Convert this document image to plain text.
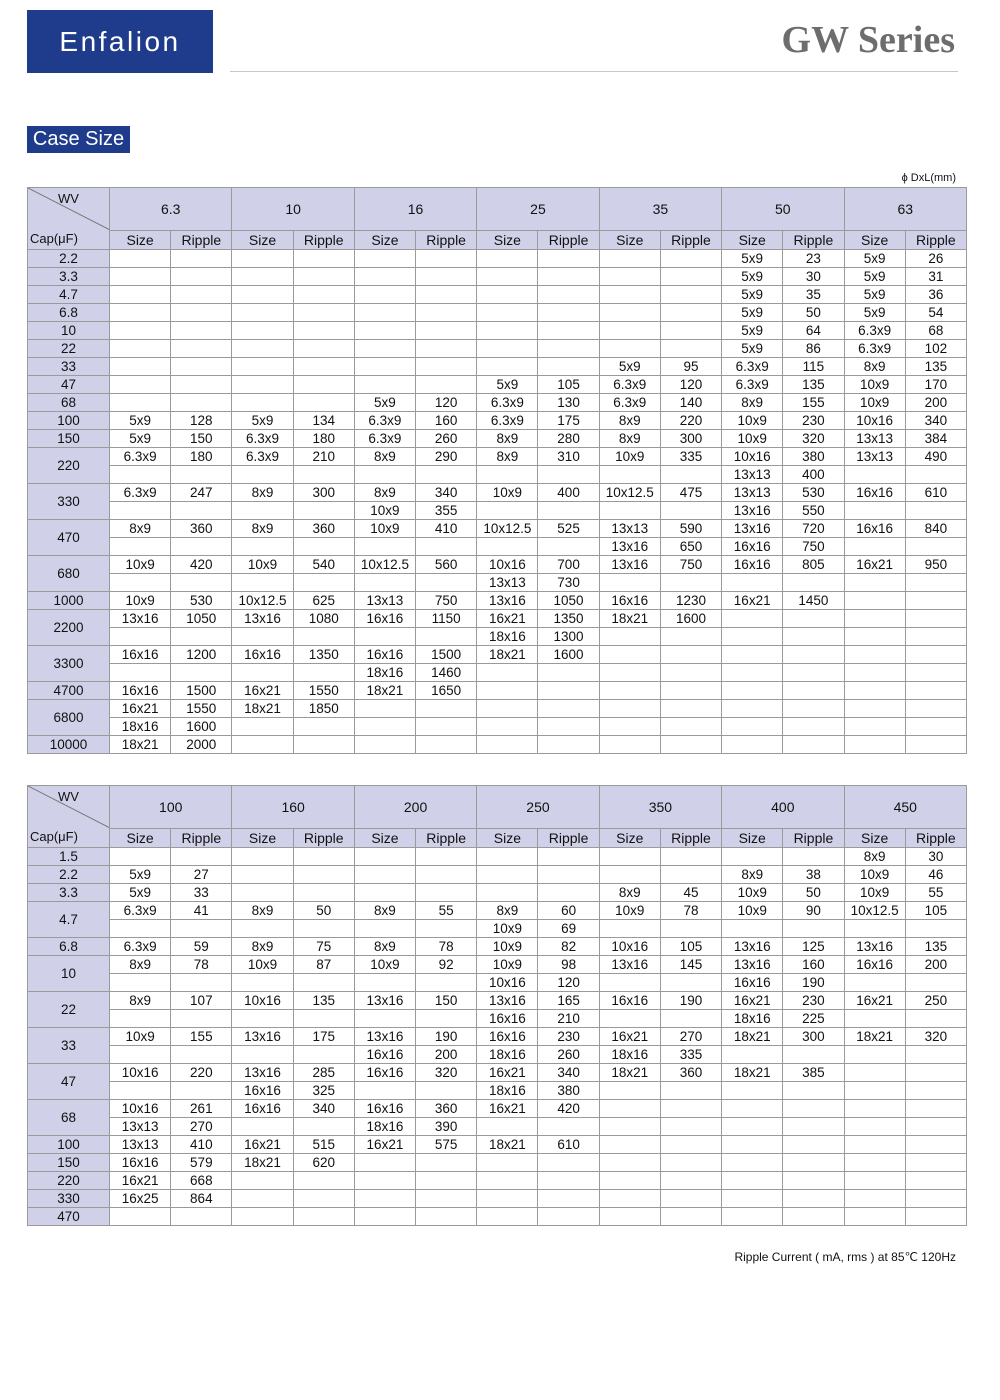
Enfalion	GW Series
Case Size
ϕ DxL(mm)
WV
Cap(μF)	6.3		10		16		25		35		50		63	
	Size	Ripple	Size	Ripple	Size	Ripple	Size	Ripple	Size	Ripple	Size	Ripple	Size	Ripple
2.2											5x9	23	5x9	26
3.3											5x9	30	5x9	31
4.7											5x9	35	5x9	36
6.8											5x9	50	5x9	54
10											5x9	64	6.3x9	68
22											5x9	86	6.3x9	102
33									5x9	95	6.3x9	115	8x9	135
47							5x9	105	6.3x9	120	6.3x9	135	10x9	170
68					5x9	120	6.3x9	130	6.3x9	140	8x9	155	10x9	200
100	5x9	128	5x9	134	6.3x9	160	6.3x9	175	8x9	220	10x9	230	10x16	340
150	5x9	150	6.3x9	180	6.3x9	260	8x9	280	8x9	300	10x9	320	13x13	384
220	6.3x9	180	6.3x9	210	8x9	290	8x9	310	10x9	335	10x16	380	13x13	490
											13x13	400		
330	6.3x9	247	8x9	300	8x9	340	10x9	400	10x12.5	475	13x13	530	16x16	610
					10x9	355					13x16	550		
470	8x9	360	8x9	360	10x9	410	10x12.5	525	13x13	590	13x16	720	16x16	840
									13x16	650	16x16	750		
680	10x9	420	10x9	540	10x12.5	560	10x16	700	13x16	750	16x16	805	16x21	950
							13x13	730						
1000	10x9	530	10x12.5	625	13x13	750	13x16	1050	16x16	1230	16x21	1450		
2200	13x16	1050	13x16	1080	16x16	1150	16x21	1350	18x21	1600				
							18x16	1300						
3300	16x16	1200	16x16	1350	16x16	1500	18x21	1600						
					18x16	1460								
4700	16x16	1500	16x21	1550	18x21	1650								
6800	16x21	1550	18x21	1850										
	18x16	1600												
10000	18x21	2000												
WV
Cap(μF)	100		160		200		250		350		400		450	
	Size	Ripple	Size	Ripple	Size	Ripple	Size	Ripple	Size	Ripple	Size	Ripple	Size	Ripple
1.5													8x9	30
2.2	5x9	27									8x9	38	10x9	46
3.3	5x9	33							8x9	45	10x9	50	10x9	55
4.7	6.3x9	41	8x9	50	8x9	55	8x9	60	10x9	78	10x9	90	10x12.5	105
							10x9	69						
6.8	6.3x9	59	8x9	75	8x9	78	10x9	82	10x16	105	13x16	125	13x16	135
10	8x9	78	10x9	87	10x9	92	10x9	98	13x16	145	13x16	160	16x16	200
							10x16	120			16x16	190		
22	8x9	107	10x16	135	13x16	150	13x16	165	16x16	190	16x21	230	16x21	250
							16x16	210			18x16	225		
33	10x9	155	13x16	175	13x16	190	16x16	230	16x21	270	18x21	300	18x21	320
					16x16	200	18x16	260	18x16	335				
47	10x16	220	13x16	285	16x16	320	16x21	340	18x21	360	18x21	385		
			16x16	325			18x16	380						
68	10x16	261	16x16	340	16x16	360	16x21	420						
	13x13	270			18x16	390								
100	13x13	410	16x21	515	16x21	575	18x21	610						
150	16x16	579	18x21	620										
220	16x21	668												
330	16x25	864												
470														
Ripple Current ( mA, rms ) at 85℃ 120Hz
